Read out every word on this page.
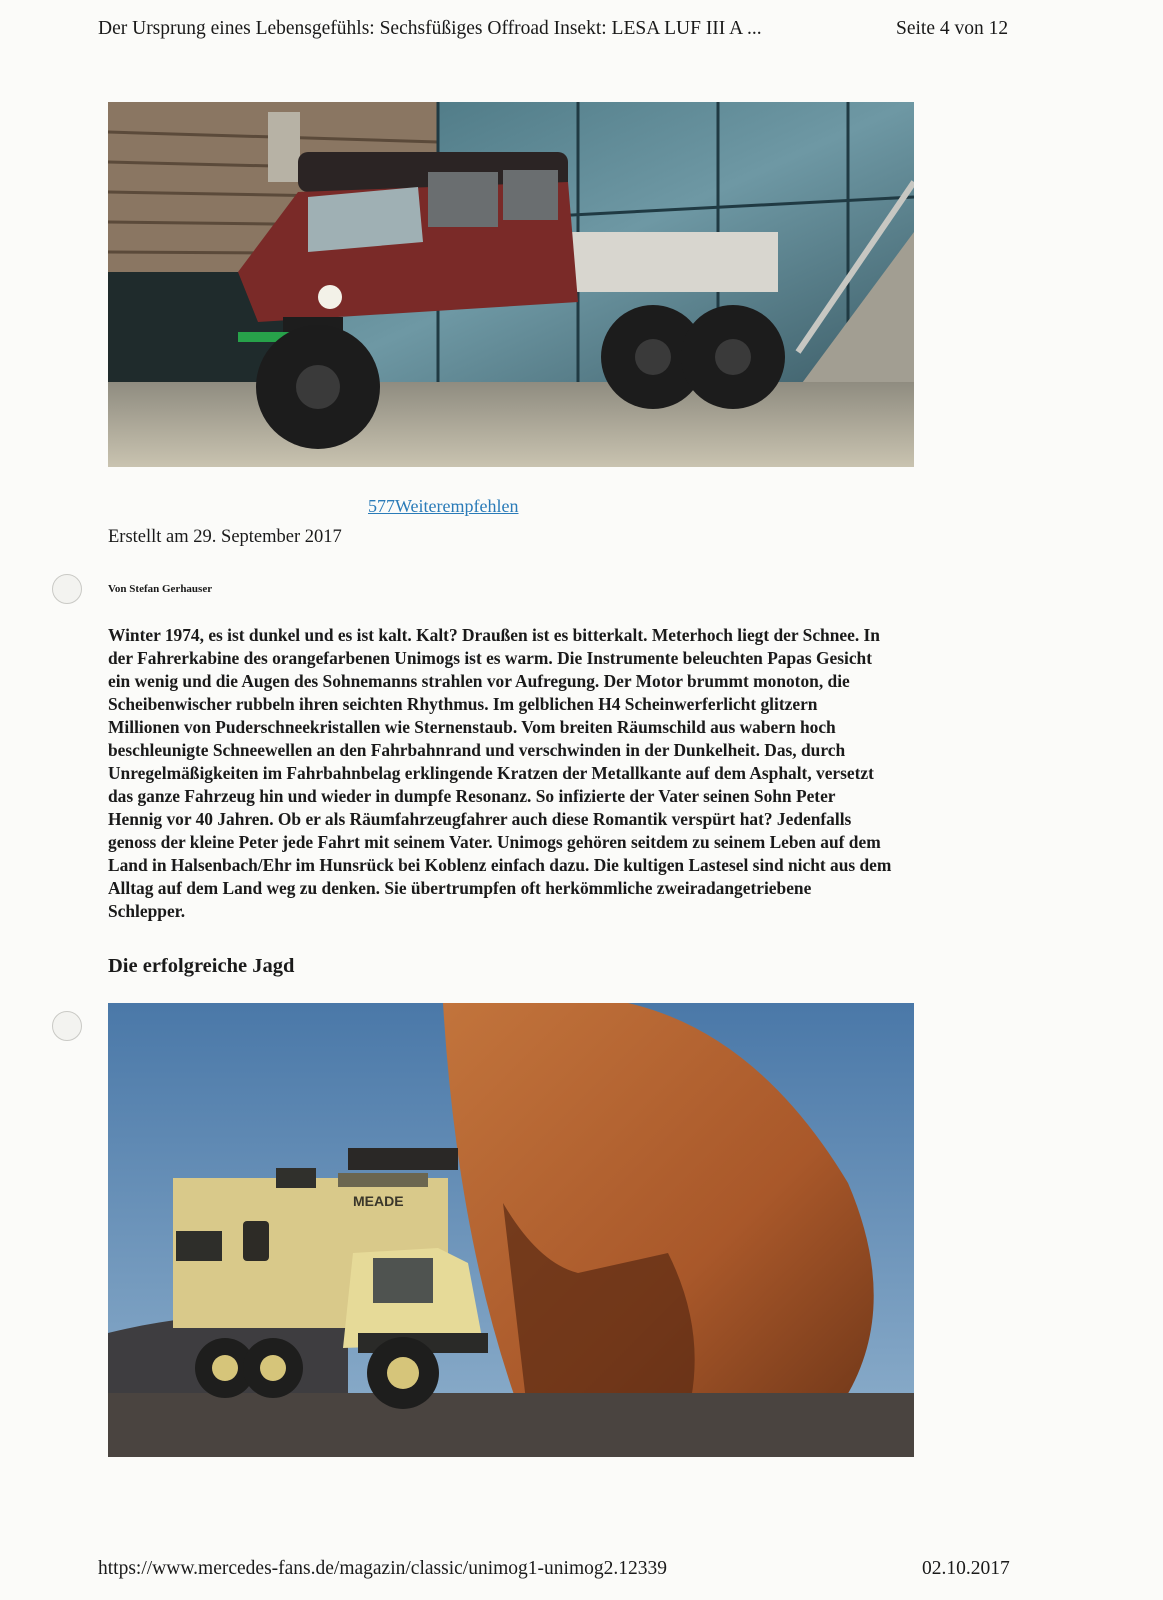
Der Ursprung eines Lebensgefühls: Sechsfüßiges Offroad Insekt: LESA LUF III A ...	Seite 4 von 12
577Weiterempfehlen
Erstellt am 29. September 2017
Von Stefan Gerhauser
Winter 1974, es ist dunkel und es ist kalt. Kalt? Draußen ist es bitterkalt. Meterhoch liegt der Schnee. In
der Fahrerkabine des orangefarbenen Unimogs ist es warm. Die Instrumente beleuchten Papas Gesicht
ein wenig und die Augen des Sohnemanns strahlen vor Aufregung. Der Motor brummt monoton, die
Scheibenwischer rubbeln ihren seichten Rhythmus. Im gelblichen H4 Scheinwerferlicht glitzern
Millionen von Puderschneekristallen wie Sternenstaub. Vom breiten Räumschild aus wabern hoch
beschleunigte Schneewellen an den Fahrbahnrand und verschwinden in der Dunkelheit. Das, durch
Unregelmäßigkeiten im Fahrbahnbelag erklingende Kratzen der Metallkante auf dem Asphalt, versetzt
das ganze Fahrzeug hin und wieder in dumpfe Resonanz. So infizierte der Vater seinen Sohn Peter
Hennig vor 40 Jahren. Ob er als Räumfahrzeugfahrer auch diese Romantik verspürt hat? Jedenfalls
genoss der kleine Peter jede Fahrt mit seinem Vater. Unimogs gehören seitdem zu seinem Leben auf dem
Land in Halsenbach/Ehr im Hunsrück bei Koblenz einfach dazu. Die kultigen Lastesel sind nicht aus dem
Alltag auf dem Land weg zu denken. Sie übertrumpfen oft herkömmliche zweiradangetriebene
Schlepper.
Die erfolgreiche Jagd
MEADE
https://www.mercedes-fans.de/magazin/classic/unimog1-unimog2.12339	02.10.2017
